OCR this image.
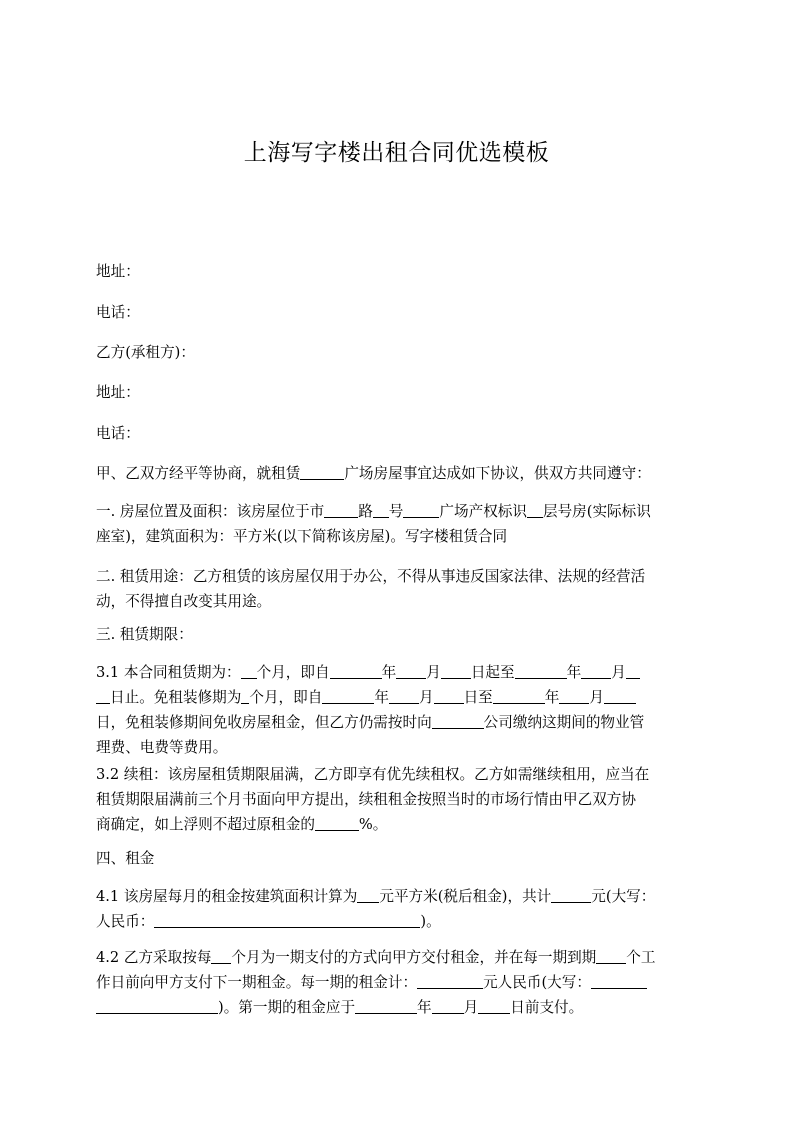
上海写字楼出租合同优选模板
地址：
电话：
乙方(承租方)：
地址：
电话：
甲、乙双方经平等协商，就租赁	广场房屋事宜达成如下协议，供双方共同遵守：
一. 房屋位置及面积：该房屋位于市 路 号 广场产权标识 层号房(实际标识
座室)，建筑面积为：平方米(以下简称该房屋)。写字楼租赁合同
二. 租赁用途：乙方租赁的该房屋仅用于办公，不得从事违反国家法律、法规的经营活
动，不得擅自改变其用途。
三. 租赁期限：
3.1 本合同租赁期为： 个月，即自	年 月 日起至	年 月
日止。免租装修期为 个月，即自	年 月 日至	年 月
日，免租装修期间免收房屋租金，但乙方仍需按时向	公司缴纳这期间的物业管
理费、电费等费用。
3.2 续租：该房屋租赁期限届满，乙方即享有优先续租权。乙方如需继续租用，应当在
租赁期限届满前三个月书面向甲方提出，续租租金按照当时的市场行情由甲乙双方协
商确定，如上浮则不超过原租金的	%。
四、租金
4.1 该房屋每月的租金按建筑面积计算为 元平方米(税后租金)，共计	元(大写：
人民币：	)。
4.2 乙方采取按每 个月为一期支付的方式向甲方交付租金，并在每一期到期 个工
作日前向甲方支付下一期租金。每一期的租金计：	元人民币(大写：
)。第一期的租金应于	年 月 日前支付。
